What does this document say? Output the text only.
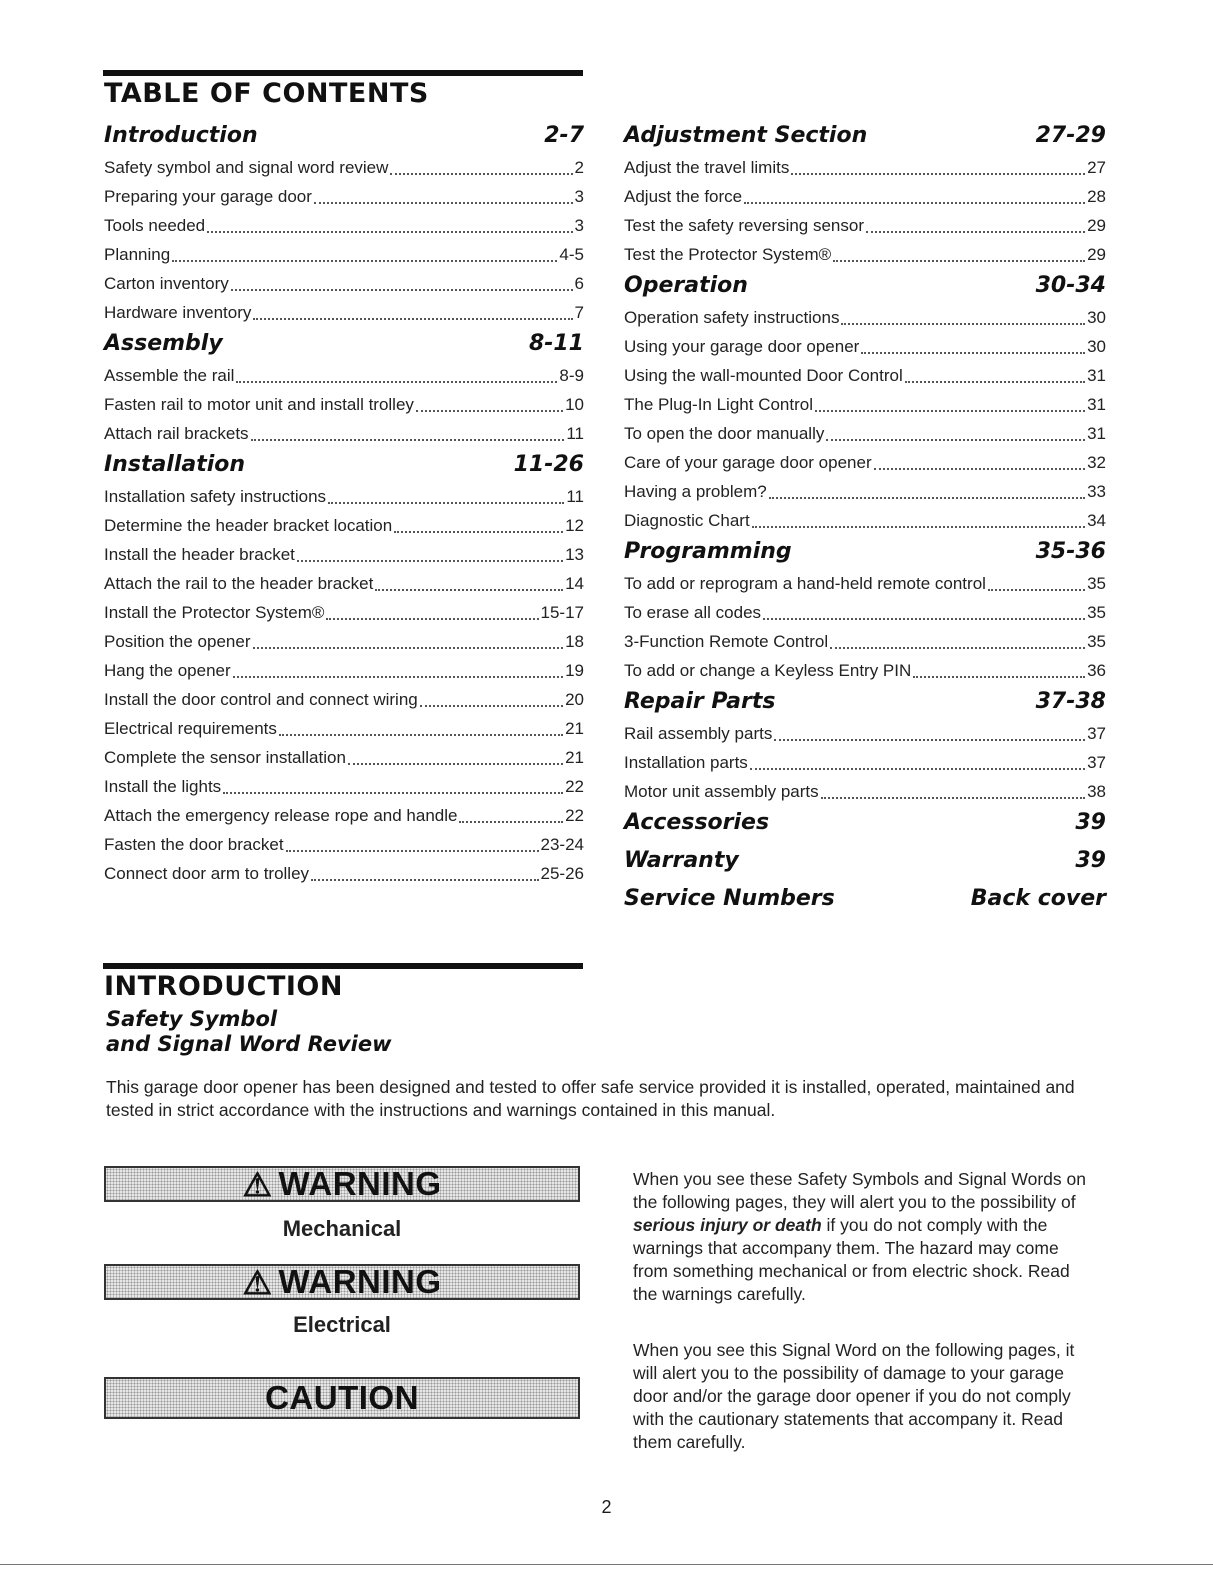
TABLE OF CONTENTS
Introduction	2-7
Safety symbol and signal word review	2
Preparing your garage door	3
Tools needed	3
Planning	4-5
Carton inventory	6
Hardware inventory	7
Assembly	8-11
Assemble the rail	8-9
Fasten rail to motor unit and install trolley	10
Attach rail brackets	11
Installation	11-26
Installation safety instructions	11
Determine the header bracket location	12
Install the header bracket	13
Attach the rail to the header bracket	14
Install the Protector System®	15-17
Position the opener	18
Hang the opener	19
Install the door control and connect wiring	20
Electrical requirements	21
Complete the sensor installation	21
Install the lights	22
Attach the emergency release rope and handle	22
Fasten the door bracket	23-24
Connect door arm to trolley	25-26
Adjustment Section	27-29
Adjust the travel limits	27
Adjust the force	28
Test the safety reversing sensor	29
Test the Protector System®	29
Operation	30-34
Operation safety instructions	30
Using your garage door opener	30
Using the wall-mounted Door Control	31
The Plug-In Light Control	31
To open the door manually	31
Care of your garage door opener	32
Having a problem?	33
Diagnostic Chart	34
Programming	35-36
To add or reprogram a hand-held remote control	35
To erase all codes	35
3-Function Remote Control	35
To add or change a Keyless Entry PIN	36
Repair Parts	37-38
Rail assembly parts	37
Installation parts	37
Motor unit assembly parts	38
Accessories	39
Warranty	39
Service Numbers	Back cover
INTRODUCTION
Safety Symbol
and Signal Word Review
This garage door opener has been designed and tested to offer safe service provided it is installed, operated, maintained and tested in strict accordance with the instructions and warnings contained in this manual.
⚠ WARNING
Mechanical
⚠ WARNING
Electrical
CAUTION
When you see these Safety Symbols and Signal Words on the following pages, they will alert you to the possibility of serious injury or death if you do not comply with the warnings that accompany them. The hazard may come from something mechanical or from electric shock. Read the warnings carefully.
When you see this Signal Word on the following pages, it will alert you to the possibility of damage to your garage door and/or the garage door opener if you do not comply with the cautionary statements that accompany it. Read them carefully.
2
